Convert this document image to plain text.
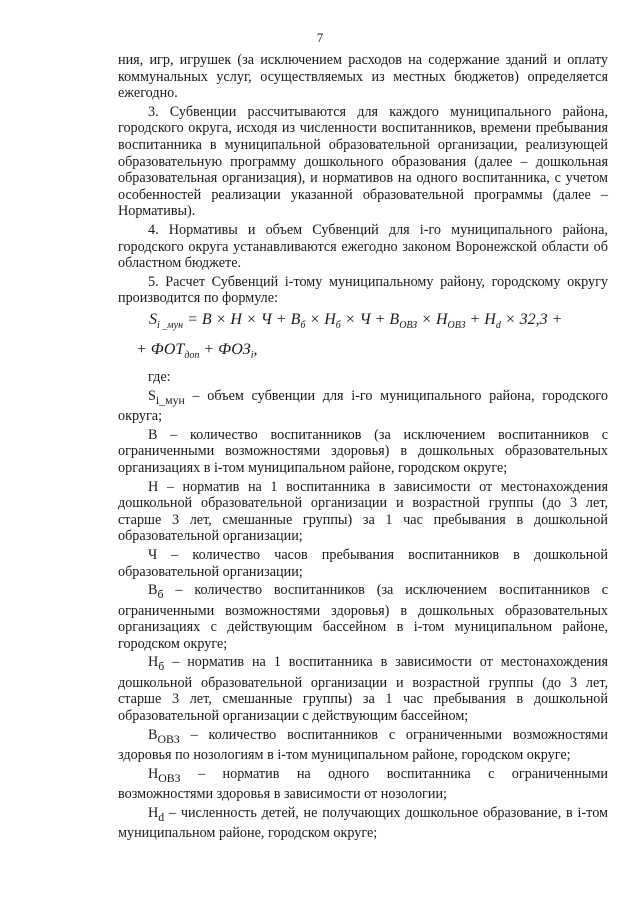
7

ния, игр, игрушек (за исключением расходов на содержание зданий и оплату коммунальных услуг, осуществляемых из местных бюджетов) определяется ежегодно.

3. Субвенции рассчитываются для каждого муниципального района, городского округа, исходя из численности воспитанников, времени пребывания воспитанника в муниципальной образовательной организации, реализующей образовательную программу дошкольного образования (далее – дошкольная образовательная организация), и нормативов на одного воспитанника, с учетом особенностей реализации указанной образовательной программы (далее – Нормативы).

4. Нормативы и объем Субвенций для i-го муниципального района, городского округа устанавливаются ежегодно законом Воронежской области об областном бюджете.

5. Расчет Субвенций i-тому муниципальному району, городскому округу производится по формуле:

$S_{i \_мун} = B \times H \times Ч + B_б \times H_б \times Ч + B_{ОВЗ} \times H_{ОВЗ} + H_d \times 32,3$ +
+ $ФОТ_{доп} + ФОЗ_i$,

где:

$S_{i\_мун}$ – объем субвенции для i-го муниципального района, городского округа;

В – количество воспитанников (за исключением воспитанников с ограниченными возможностями здоровья) в дошкольных образовательных организациях в i-том муниципальном районе, городском округе;

Н – норматив на 1 воспитанника в зависимости от местонахождения дошкольной образовательной организации и возрастной группы (до 3 лет, старше 3 лет, смешанные группы) за 1 час пребывания в дошкольной образовательной организации;

Ч – количество часов пребывания воспитанников в дошкольной образовательной организации;

$В_б$ – количество воспитанников (за исключением воспитанников с ограниченными возможностями здоровья) в дошкольных образовательных организациях с действующим бассейном в i-том муниципальном районе, городском округе;

$Н_б$ – норматив на 1 воспитанника в зависимости от местонахождения дошкольной образовательной организации и возрастной группы (до 3 лет, старше 3 лет, смешанные группы) за 1 час пребывания в дошкольной образовательной организации с действующим бассейном;

$В_{ОВЗ}$ – количество воспитанников с ограниченными возможностями здоровья по нозологиям в i-том муниципальном районе, городском округе;

$Н_{ОВЗ}$ – норматив на одного воспитанника с ограниченными возможностями здоровья в зависимости от нозологии;

$Н_d$ – численность детей, не получающих дошкольное образование, в i-том муниципальном районе, городском округе;
